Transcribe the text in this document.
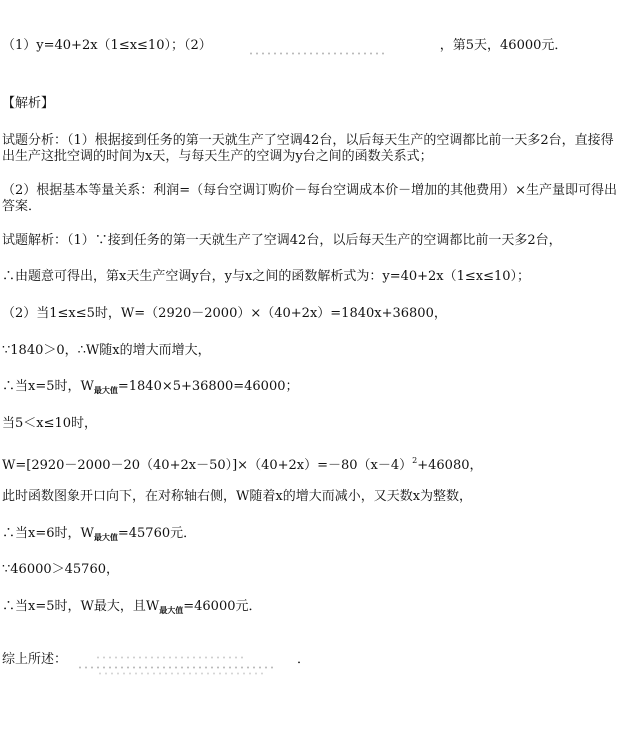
（1）y=40+2x（1≤x≤10）；（2）	，第5天，46000元．
【解析】
试题分析：（1）根据接到任务的第一天就生产了空调42台，以后每天生产的空调都比前一天多2台，直接得出生产这批空调的时间为x天，与每天生产的空调为y台之间的函数关系式；
（2）根据基本等量关系：利润=（每台空调订购价－每台空调成本价－增加的其他费用）×生产量即可得出答案．
试题解析：（1）∵接到任务的第一天就生产了空调42台，以后每天生产的空调都比前一天多2台，
∴由题意可得出，第x天生产空调y台，y与x之间的函数解析式为：y=40+2x（1≤x≤10）；
（2）当1≤x≤5时，W=（2920－2000）×（40+2x）=1840x+36800，
∵1840＞0，∴W随x的增大而增大，
∴当x=5时，$W_{最大值}=1840\times 5+36800=46000$；
当5＜x≤10时，
$W=[2920-2000-20(40+2x-50)]\times(40+2x)=-80(x-4)^2+46080$，
此时函数图象开口向下，在对称轴右侧，W随着x的增大而减小，又天数x为整数，
∴当x=6时，$W_{最大值}=45760$元．
∵46000＞45760，
∴当x=5时，W最大，且$W_{最大值}=46000$元．
综上所述：	．
